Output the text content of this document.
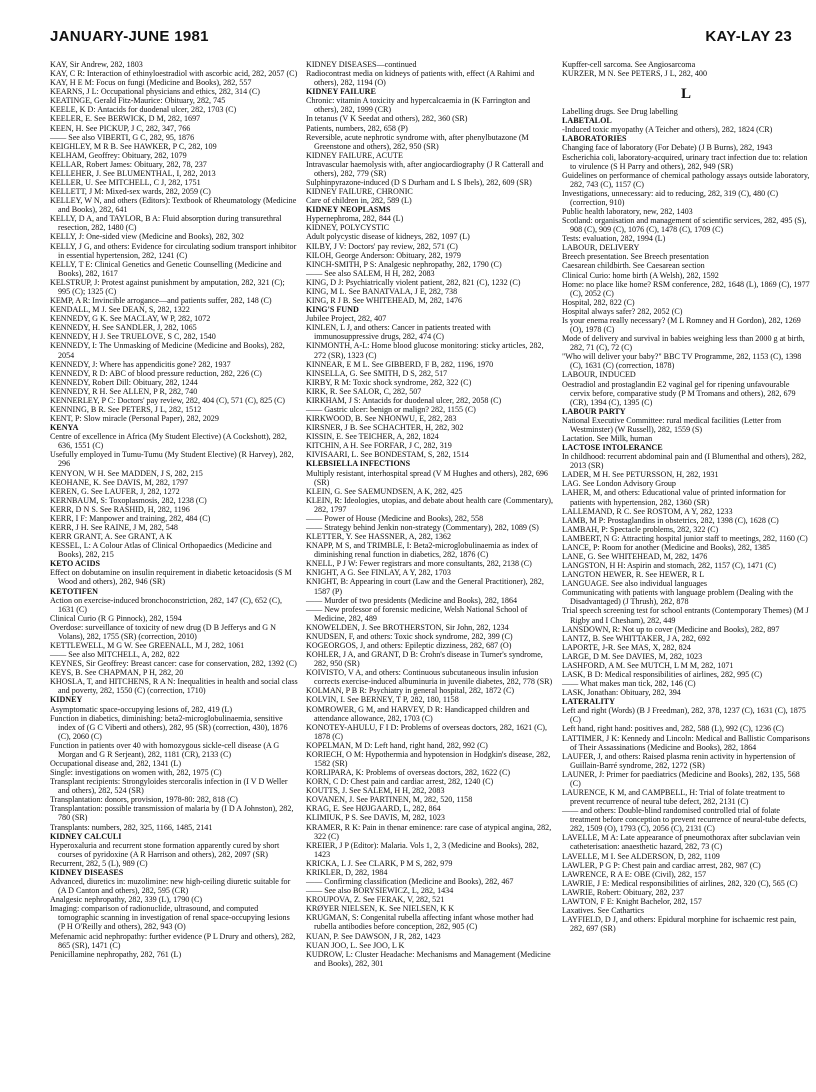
JANUARY-JUNE 1981	KAY-LAY 23
KAY, Sir Andrew, 282, 1803
KAY, C R: Interaction of ethinyloestradiol with ascorbic acid, 282, 2057 (C)
KAY, H E M: Focus on fungi (Medicine and Books), 282, 557
KEARNS, J L: Occupational physicians and ethics, 282, 314 (C)
KEATINGE, Gerald Fitz-Maurice: Obituary, 282, 745
KEELE, K D: Antacids for duodenal ulcer, 282, 1703 (C)
KEELER, E. See BERWICK, D M, 282, 1697
KEEN, H. See PICKUP, J C, 282, 347, 766
—— See also VIBERTI, G C, 282, 95, 1876
KEIGHLEY, M R B. See HAWKER, P C, 282, 109
KELHAM, Geoffrey: Obituary, 282, 1079
KELLAR, Robert James: Obituary, 282, 78, 237
KELLEHER, J. See BLUMENTHAL, I, 282, 2013
KELLER, U. See MITCHELL, C J, 282, 1751
KELLETT, J M: Mixed-sex wards, 282, 2059 (C)
KELLEY, W N, and others (Editors): Textbook of Rheumatology (Medicine and Books), 282, 641
KELLY, D A, and TAYLOR, B A: Fluid absorption during transurethral resection, 282, 1480 (C)
KELLY, J: One-sided view (Medicine and Books), 282, 302
KELLY, J G, and others: Evidence for circulating sodium transport inhibitor in essential hypertension, 282, 1241 (C)
KELLY, T E: Clinical Genetics and Genetic Counselling (Medicine and Books), 282, 1617
KELSTRUP, J: Protest against punishment by amputation, 282, 321 (C); 995 (C); 1325 (C)
KEMP, A R: Invincible arrogance—and patients suffer, 282, 148 (C)
KENDALL, M J. See DEAN, S, 282, 1322
KENNEDY, G K. See MACLAY, W P, 282, 1072
KENNEDY, H. See SANDLER, J, 282, 1065
KENNEDY, H J. See TRUELOVE, S C, 282, 1540
KENNEDY, I: The Unmasking of Medicine (Medicine and Books), 282, 2054
KENNEDY, J: Where has appendicitis gone? 282, 1937
KENNEDY, R D: ABC of blood pressure reduction, 282, 226 (C)
KENNEDY, Robert Dill: Obituary, 282, 1244
KENNEDY, R H. See ALLEN, P R, 282, 740
KENNERLEY, P C: Doctors' pay review, 282, 404 (C), 571 (C), 825 (C)
KENNING, B R. See PETERS, J L, 282, 1512
KENT, P: Slow miracle (Personal Paper), 282, 2029
KENYA
Centre of excellence in Africa (My Student Elective) (A Cockshott), 282, 636, 1551 (C)
Usefully employed in Tumu-Tumu (My Student Elective) (R Harvey), 282, 296
KENYON, W H. See MADDEN, J S, 282, 215
KEOHANE, K. See DAVIS, M, 282, 1797
KEREN, G. See LAUFER, J, 282, 1272
KERNBAUM, S: Toxoplasmosis, 282, 1238 (C)
KERR, D N S. See RASHID, H, 282, 1196
KERR, I F: Manpower and training, 282, 484 (C)
KERR, J H. See RAINE, J M, 282, 548
KERR GRANT, A. See GRANT, A K
KESSEL, L: A Colour Atlas of Clinical Orthopaedics (Medicine and Books), 282, 215
KETO ACIDS
Effect on dobutamine on insulin requirement in diabetic ketoacidosis (S M Wood and others), 282, 946 (SR)
KETOTIFEN
Action on exercise-induced bronchoconstriction, 282, 147 (C), 652 (C), 1631 (C)
Clinical Curio (R G Pinnock), 282, 1594
Overdose: surveillance of toxicity of new drug (D B Jefferys and G N Volans), 282, 1755 (SR) (correction, 2010)
KETTLEWELL, M G W. See GREENALL, M J, 282, 1061
—— See also MITCHELL, A, 282, 822
KEYNES, Sir Geoffrey: Breast cancer: case for conservation, 282, 1392 (C)
KEYS, B. See CHAPMAN, P H, 282, 20
KHOSLA, T, and HITCHENS, R A N: Inequalities in health and social class and poverty, 282, 1550 (C) (correction, 1710)
KIDNEY
Asymptomatic space-occupying lesions of, 282, 419 (L)
Function in diabetics, diminishing: beta2-microglobulinaemia, sensitive index of (G C Viberti and others), 282, 95 (SR) (correction, 430), 1876 (C), 2060 (C)
Function in patients over 40 with homozygous sickle-cell disease (A G Morgan and G R Serjeant), 282, 1181 (CR), 2133 (C)
Occupational disease and, 282, 1341 (L)
Single: investigations on women with, 282, 1975 (C)
Transplant recipients: Strongyloides stercoralis infection in (I V D Weller and others), 282, 524 (SR)
Transplantation: donors, provision, 1978-80: 282, 818 (C)
Transplantation: possible transmission of malaria by (I D A Johnston), 282, 780 (SR)
Transplants: numbers, 282, 325, 1166, 1485, 2141
KIDNEY CALCULI
Hyperoxaluria and recurrent stone formation apparently cured by short courses of pyridoxine (A R Harrison and others), 282, 2097 (SR)
Recurrent, 282, 5 (L), 989 (C)
KIDNEY DISEASES
Advanced, diuretics in: muzolimine: new high-ceiling diuretic suitable for (A D Canton and others), 282, 595 (CR)
Analgesic nephropathy, 282, 339 (L), 1790 (C)
Imaging: comparison of radionuclide, ultrasound, and computed tomographic scanning in investigation of renal space-occupying lesions (P H O'Reilly and others), 282, 943 (O)
Mefenamic acid nephropathy: further evidence (P L Drury and others), 282, 865 (SR), 1471 (C)
Penicillamine nephropathy, 282, 761 (L)
KIDNEY DISEASES—continued
Radiocontrast media on kidneys of patients with, effect (A Rahimi and others), 282, 1194 (O)
KIDNEY FAILURE
Chronic: vitamin A toxicity and hypercalcaemia in (K Farrington and others), 282, 1999 (CR)
In tetanus (V K Seedat and others), 282, 360 (SR)
Patients, numbers, 282, 658 (P)
Reversible, acute nephrotic syndrome with, after phenylbutazone (M Greenstone and others), 282, 950 (SR)
KIDNEY FAILURE, ACUTE
Intravascular haemolysis with, after angiocardiography (J R Catterall and others), 282, 779 (SR)
Sulphinpyrazone-induced (D S Durham and L S Ibels), 282, 609 (SR)
KIDNEY FAILURE, CHRONIC
Care of children in, 282, 589 (L)
KIDNEY NEOPLASMS
Hypernephroma, 282, 844 (L)
KIDNEY, POLYCYSTIC
Adult polycystic disease of kidneys, 282, 1097 (L)
KILBY, J V: Doctors' pay review, 282, 571 (C)
KILOH, George Anderson: Obituary, 282, 1979
KINCH-SMITH, P S: Analgesic nephropathy, 282, 1790 (C)
—— See also SALEM, H H, 282, 2083
KING, D J: Psychiatrically violent patient, 282, 821 (C), 1232 (C)
KING, M L. See BANATVALA, J E, 282, 738
KING, R J B. See WHITEHEAD, M, 282, 1476
KING'S FUND
Jubilee Project, 282, 407
KINLEN, L J, and others: Cancer in patients treated with immunosuppressive drugs, 282, 474 (C)
KINMONTH, A-L: Home blood glucose monitoring: sticky articles, 282, 272 (SR), 1323 (C)
KINNEAR, E M L. See GIBBERD, F B, 282, 1196, 1970
KINSELLA, G. See SMITH, D S, 282, 517
KIRBY, R M: Toxic shock syndrome, 282, 322 (C)
KIRK, R. See SALOR, C, 282, 507
KIRKHAM, J S: Antacids for duodenal ulcer, 282, 2058 (C)
—— Gastric ulcer: benign or malign? 282, 1155 (C)
KIRKWOOD, B. See NHONWU, E, 282, 283
KIRSNER, J B. See SCHACHTER, H, 282, 302
KISSIN, E. See TEICHER, A, 282, 1824
KITCHIN, A H. See FORFAR, J C, 282, 319
KIVISAARI, L. See BONDESTAM, S, 282, 1514
KLEBSIELLA INFECTIONS
Multiply resistant, interhospital spread (V M Hughes and others), 282, 696 (SR)
KLEIN, G. See SAEMUNDSEN, A K, 282, 425
KLEIN, R: Ideologies, utopias, and debate about health care (Commentary), 282, 1797
—— Power of House (Medicine and Books), 282, 558
—— Strategy behind Jenkin non-strategy (Commentary), 282, 1089 (S)
KLETTER, Y. See HASSNER, A, 282, 1362
KNAPP, M S, and TRIMBLE, I: Beta2-microglobulinaemia as index of diminishing renal function in diabetics, 282, 1876 (C)
KNELL, P J W: Fewer registrars and more consultants, 282, 2138 (C)
KNIGHT, A G. See FINLAY, A Y, 282, 1703
KNIGHT, B: Appearing in court (Law and the General Practitioner), 282, 1587 (P)
—— Murder of two presidents (Medicine and Books), 282, 1864
—— New professor of forensic medicine, Welsh National School of Medicine, 282, 489
KNOWELDEN, J. See BROTHERSTON, Sir John, 282, 1234
KNUDSEN, F, and others: Toxic shock syndrome, 282, 399 (C)
KOGEORGOS, J, and others: Epileptic dizziness, 282, 687 (O)
KOHLER, J A, and GRANT, D B: Crohn's disease in Turner's syndrome, 282, 950 (SR)
KOIVISTO, V A, and others: Continuous subcutaneous insulin infusion corrects exercise-induced albuminuria in juvenile diabetes, 282, 778 (SR)
KOLMAN, P B R: Psychiatry in general hospital, 282, 1872 (C)
KOLVIN, I. See BERNEY, T P, 282, 180, 1158
KOMROWER, G M, and HARVEY, D R: Handicapped children and attendance allowance, 282, 1703 (C)
KONOTEY-AHULU, F I D: Problems of overseas doctors, 282, 1621 (C), 1878 (C)
KOPELMAN, M D: Left hand, right hand, 282, 992 (C)
KORIECH, O M: Hypothermia and hypotension in Hodgkin's disease, 282, 1582 (SR)
KORLIPARA, K: Problems of overseas doctors, 282, 1622 (C)
KORN, C D: Chest pain and cardiac arrest, 282, 1240 (C)
KOUTTS, J. See SALEM, H H, 282, 2083
KOVANEN, J. See PARTINEN, M, 282, 520, 1158
KRAG, E. See HØJGAARD, L, 282, 864
KLIMIUK, P S. See DAVIS, M, 282, 1023
KRAMER, R K: Pain in thenar eminence: rare case of atypical angina, 282, 322 (C)
KREIER, J P (Editor): Malaria. Vols 1, 2, 3 (Medicine and Books), 282, 1423
KRICKA, L J. See CLARK, P M S, 282, 979
KRIKLER, D, 282, 1984
—— Confirming classification (Medicine and Books), 282, 467
—— See also BORYSIEWICZ, L, 282, 1434
KROUPOVA, Z. See FERAK, V, 282, 521
KRØYER NIELSEN, K. See NIELSEN, K K
KRUGMAN, S: Congenital rubella affecting infant whose mother had rubella antibodies before conception, 282, 905 (C)
KUAN, P. See DAWSON, J R, 282, 1423
KUAN JOO, L. See JOO, L K
KUDROW, L: Cluster Headache: Mechanisms and Management (Medicine and Books), 282, 301
Kupffer-cell sarcoma. See Angiosarcoma
KURZER, M N. See PETERS, J L, 282, 400
L
Labelling drugs. See Drug labelling
LABETALOL
-Induced toxic myopathy (A Teicher and others), 282, 1824 (CR)
LABORATORIES
Changing face of laboratory (For Debate) (J B Burns), 282, 1943
Escherichia coli, laboratory-acquired, urinary tract infection due to: relation to virulence (S H Parry and others), 282, 949 (SR)
Guidelines on performance of chemical pathology assays outside laboratory, 282, 743 (C), 1157 (C)
Investigations, unnecessary: aid to reducing, 282, 319 (C), 480 (C) (correction, 910)
Public health laboratory, new, 282, 1403
Scotland: organisation and management of scientific services, 282, 495 (S), 908 (C), 909 (C), 1076 (C), 1478 (C), 1709 (C)
Tests: evaluation, 282, 1994 (L)
LABOUR, DELIVERY
Breech presentation. See Breech presentation
Caesarean childbirth. See Caesarean section
Clinical Curio: home birth (A Welsh), 282, 1592
Home: no place like home? RSM conference, 282, 1648 (L), 1869 (C), 1977 (C), 2052 (C)
Hospital, 282, 822 (C)
Hospital always safer? 282, 2052 (C)
Is your enema really necessary? (M L Romney and H Gordon), 282, 1269 (O), 1978 (C)
Mode of delivery and survival in babies weighing less than 2000 g at birth, 282, 71 (C), 72 (C)
"Who will deliver your baby?" BBC TV Programme, 282, 1153 (C), 1398 (C), 1631 (C) (correction, 1878)
LABOUR, INDUCED
Oestradiol and prostaglandin E2 vaginal gel for ripening unfavourable cervix before, comparative study (P M Tromans and others), 282, 679 (CR), 1394 (C), 1395 (C)
LABOUR PARTY
National Executive Committee: rural medical facilities (Letter from Westminster) (W Russell), 282, 1559 (S)
Lactation. See Milk, human
LACTOSE INTOLERANCE
In childhood: recurrent abdominal pain and (I Blumenthal and others), 282, 2013 (SR)
LADER, M H. See PETURSSON, H, 282, 1931
LAG. See London Advisory Group
LAHER, M, and others: Educational value of printed information for patients with hypertension, 282, 1360 (SR)
LALLEMAND, R C. See ROSTOM, A Y, 282, 1233
LAMB, M P: Prostaglandins in obstetrics, 282, 1398 (C), 1628 (C)
LAMBAH, P: Spectacle problems, 282, 322 (C)
LAMBERT, N G: Attracting hospital junior staff to meetings, 282, 1160 (C)
LANCE, P: Room for another (Medicine and Books), 282, 1385
LANE, G. See WHITEHEAD, M, 282, 1476
LANGSTON, H H: Aspirin and stomach, 282, 1157 (C), 1471 (C)
LANGTON HEWER, R. See HEWER, R L
LANGUAGE. See also individual languages
Communicating with patients with language problem (Dealing with the Disadvantaged) (J Thrush), 282, 878
Trial speech screening test for school entrants (Contemporary Themes) (M J Rigby and I Chesham), 282, 449
LANSDOWN, R: Not up to cover (Medicine and Books), 282, 897
LANTZ, B. See WHITTAKER, J A, 282, 692
LAPORTE, J-R. See MAS, X, 282, 824
LARGE, D M. See DAVIES, M, 282, 1023
LASHFORD, A M. See MUTCH, L M M, 282, 1071
LASK, B D: Medical responsibilities of airlines, 282, 995 (C)
—— What makes man tick, 282, 146 (C)
LASK, Jonathan: Obituary, 282, 394
LATERALITY
Left and right (Words) (B J Freedman), 282, 378, 1237 (C), 1631 (C), 1875 (C)
Left hand, right hand: positives and, 282, 588 (L), 992 (C), 1236 (C)
LATTIMER, J K: Kennedy and Lincoln: Medical and Ballistic Comparisons of Their Assassinations (Medicine and Books), 282, 1864
LAUFER, J, and others: Raised plasma renin activity in hypertension of Guillain-Barré syndrome, 282, 1272 (SR)
LAUNER, J: Primer for paediatrics (Medicine and Books), 282, 135, 568 (C)
LAURENCE, K M, and CAMPBELL, H: Trial of folate treatment to prevent recurrence of neural tube defect, 282, 2131 (C)
—— and others: Double-blind randomised controlled trial of folate treatment before conception to prevent recurrence of neural-tube defects, 282, 1509 (O), 1793 (C), 2056 (C), 2131 (C)
LAVELLE, M A: Late appearance of pneumothorax after subclavian vein catheterisation: anaesthetic hazard, 282, 73 (C)
LAVELLE, M I. See ALDERSON, D, 282, 1109
LAWLER, P G P: Chest pain and cardiac arrest, 282, 987 (C)
LAWRENCE, R A E: OBE (Civil), 282, 157
LAWRIE, J E: Medical responsibilities of airlines, 282, 320 (C), 565 (C)
LAWRIE, Robert: Obituary, 282, 237
LAWTON, F E: Knight Bachelor, 282, 157
Laxatives. See Cathartics
LAYFIELD, D J, and others: Epidural morphine for ischaemic rest pain, 282, 697 (SR)
